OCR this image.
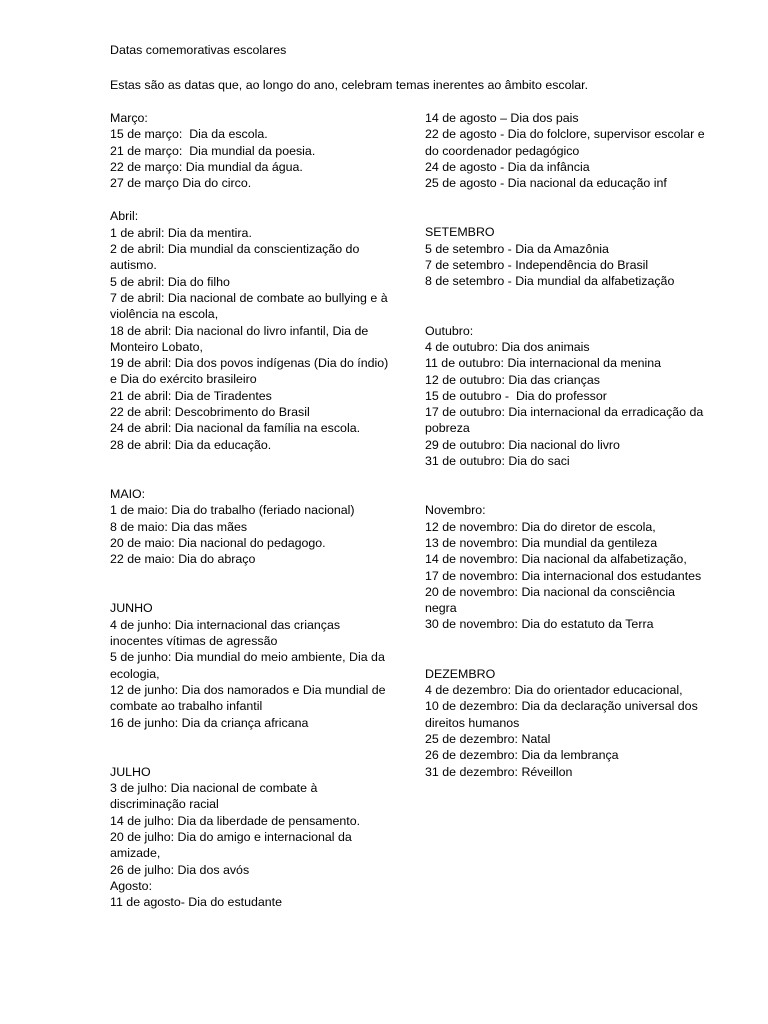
Datas comemorativas escolares
Estas são as datas que, ao longo do ano, celebram temas inerentes ao âmbito escolar.
Março:
15 de março:  Dia da escola.
21 de março:  Dia mundial da poesia.
22 de março: Dia mundial da água.
27 de março Dia do circo.
Abril:
1 de abril: Dia da mentira.
2 de abril: Dia mundial da conscientização do autismo.
5 de abril: Dia do filho
7 de abril: Dia nacional de combate ao bullying e à violência na escola,
18 de abril: Dia nacional do livro infantil, Dia de Monteiro Lobato,
19 de abril: Dia dos povos indígenas (Dia do índio) e Dia do exército brasileiro
21 de abril: Dia de Tiradentes
22 de abril: Descobrimento do Brasil
24 de abril: Dia nacional da família na escola.
28 de abril: Dia da educação.
MAIO:
1 de maio: Dia do trabalho (feriado nacional)
8 de maio: Dia das mães
20 de maio: Dia nacional do pedagogo.
22 de maio: Dia do abraço
JUNHO
4 de junho: Dia internacional das crianças inocentes vítimas de agressão
5 de junho: Dia mundial do meio ambiente, Dia da ecologia,
12 de junho: Dia dos namorados e Dia mundial de combate ao trabalho infantil
16 de junho: Dia da criança africana
JULHO
3 de julho: Dia nacional de combate à discriminação racial
14 de julho: Dia da liberdade de pensamento.
20 de julho: Dia do amigo e internacional da amizade,
26 de julho: Dia dos avós
Agosto:
11 de agosto- Dia do estudante
14 de agosto – Dia dos pais
22 de agosto - Dia do folclore, supervisor escolar e do coordenador pedagógico
24 de agosto - Dia da infância
25 de agosto - Dia nacional da educação inf
SETEMBRO
5 de setembro - Dia da Amazônia
7 de setembro - Independência do Brasil
8 de setembro - Dia mundial da alfabetização
Outubro:
4 de outubro: Dia dos animais
11 de outubro: Dia internacional da menina
12 de outubro: Dia das crianças
15 de outubro -  Dia do professor
17 de outubro: Dia internacional da erradicação da pobreza
29 de outubro: Dia nacional do livro
31 de outubro: Dia do saci
Novembro:
12 de novembro: Dia do diretor de escola,
13 de novembro: Dia mundial da gentileza
14 de novembro: Dia nacional da alfabetização,
17 de novembro: Dia internacional dos estudantes
20 de novembro: Dia nacional da consciência negra
30 de novembro: Dia do estatuto da Terra
DEZEMBRO
4 de dezembro: Dia do orientador educacional,
10 de dezembro: Dia da declaração universal dos direitos humanos
25 de dezembro: Natal
26 de dezembro: Dia da lembrança
31 de dezembro: Réveillon
